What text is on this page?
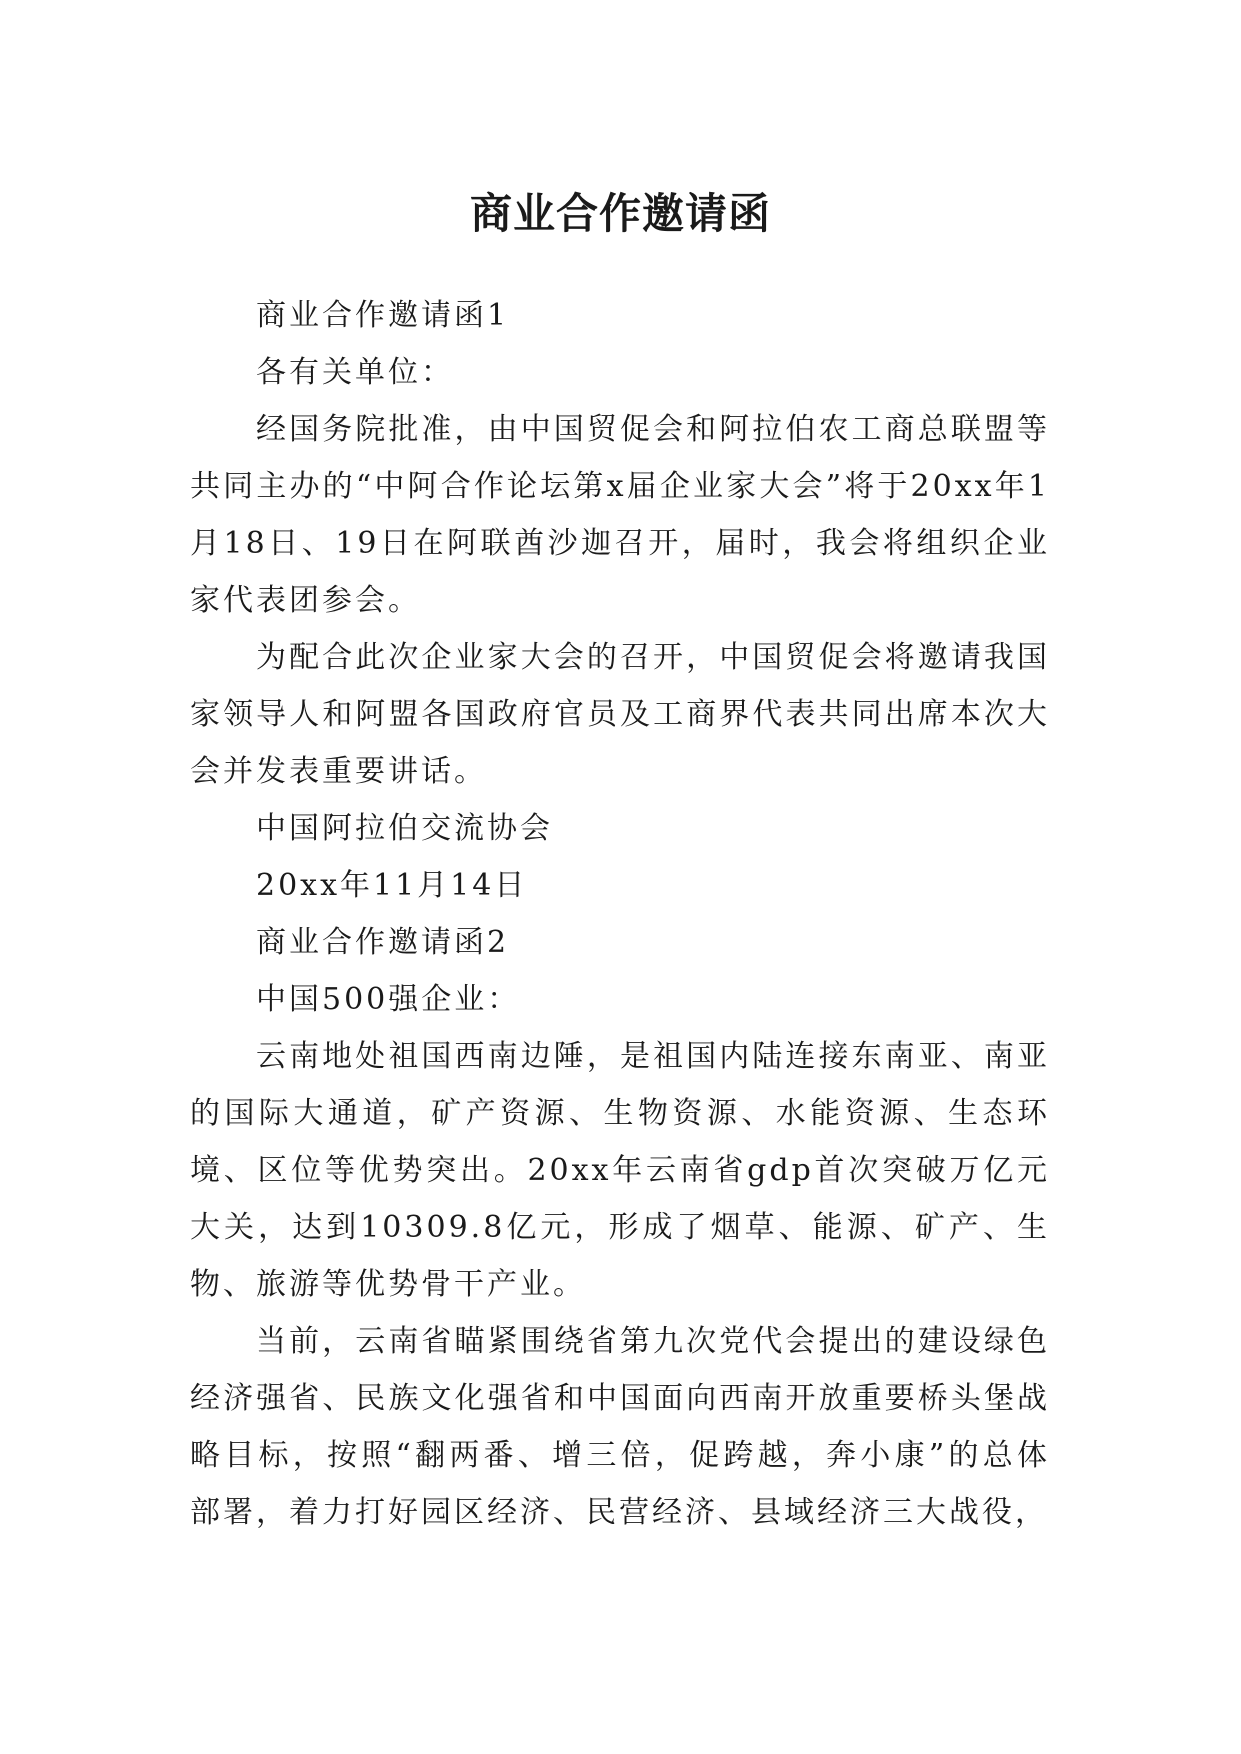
商业合作邀请函

商业合作邀请函1

各有关单位：

经国务院批准，由中国贸促会和阿拉伯农工商总联盟等共同主办的“中阿合作论坛第x届企业家大会”将于20xx年1月18日、19日在阿联酋沙迦召开，届时，我会将组织企业家代表团参会。

为配合此次企业家大会的召开，中国贸促会将邀请我国家领导人和阿盟各国政府官员及工商界代表共同出席本次大会并发表重要讲话。

中国阿拉伯交流协会

20xx年11月14日

商业合作邀请函2

中国500强企业：

云南地处祖国西南边陲，是祖国内陆连接东南亚、南亚的国际大通道，矿产资源、生物资源、水能资源、生态环境、区位等优势突出。20xx年云南省gdp首次突破万亿元大关，达到10309.8亿元，形成了烟草、能源、矿产、生物、旅游等优势骨干产业。

当前，云南省瞄紧围绕省第九次党代会提出的建设绿色经济强省、民族文化强省和中国面向西南开放重要桥头堡战略目标，按照“翻两番、增三倍，促跨越，奔小康”的总体部署，着力打好园区经济、民营经济、县域经济三大战役，
